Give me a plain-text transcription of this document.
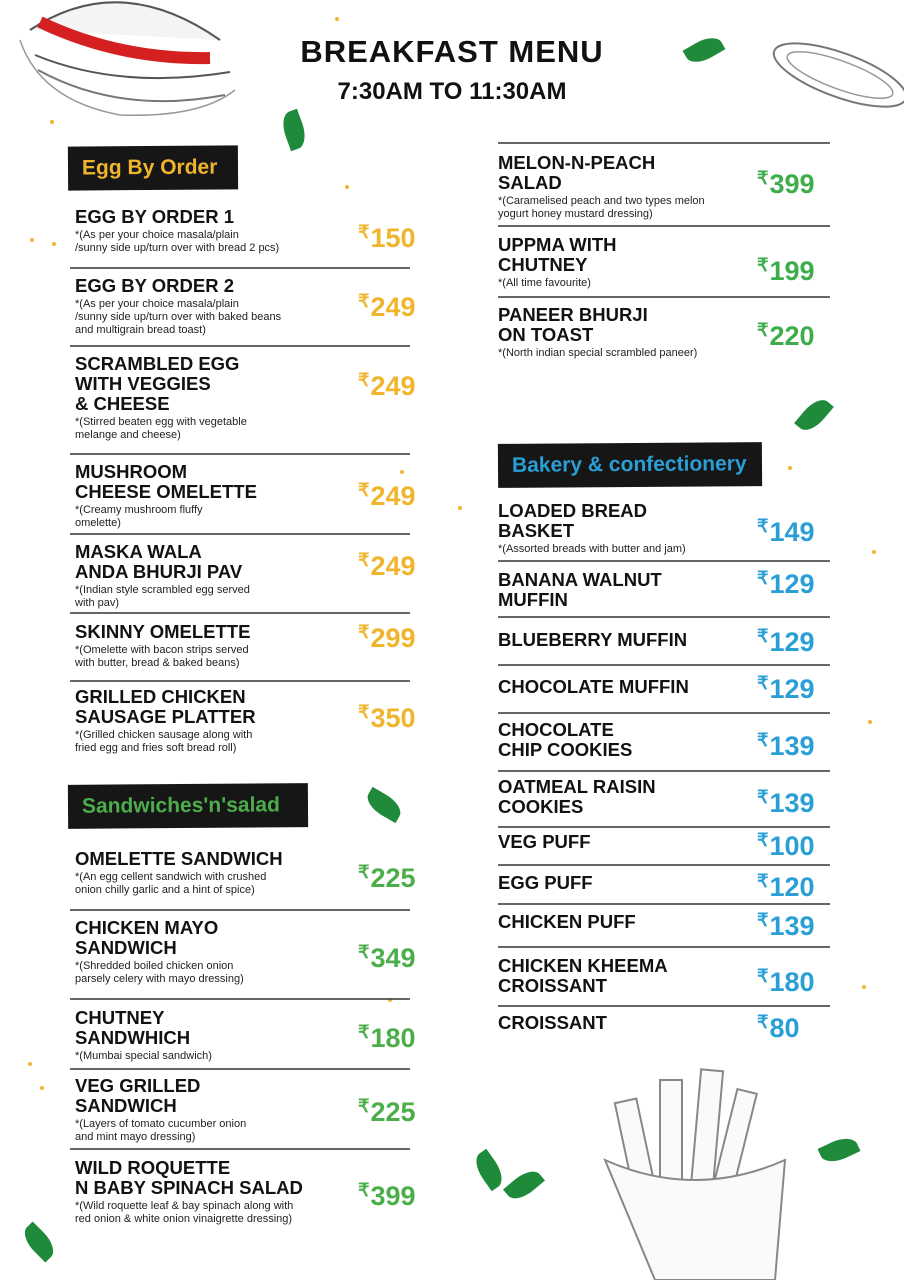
BREAKFAST MENU
7:30AM TO 11:30AM
Egg By Order
Sandwiches'n'salad
Bakery & confectionery
EGG BY ORDER 1
*(As per your choice masala/plain
/sunny side up/turn over with bread 2 pcs)
₹150
EGG BY ORDER 2
*(As per your choice masala/plain
/sunny side up/turn over with baked beans
and multigrain bread toast)
₹249
SCRAMBLED EGG
WITH VEGGIES
& CHEESE
*(Stirred beaten egg with vegetable
melange and cheese)
₹249
MUSHROOM
CHEESE OMELETTE
*(Creamy mushroom fluffy
omelette)
₹249
MASKA WALA
ANDA BHURJI PAV
*(Indian style scrambled egg served
with pav)
₹249
SKINNY OMELETTE
*(Omelette with bacon strips served
with butter, bread & baked beans)
₹299
GRILLED CHICKEN
SAUSAGE PLATTER
*(Grilled chicken sausage along with
fried egg and fries soft bread roll)
₹350
OMELETTE SANDWICH
*(An egg cellent sandwich with crushed
onion chilly garlic and a hint of spice)
₹225
CHICKEN MAYO
SANDWICH
*(Shredded boiled chicken onion
parsely celery with mayo dressing)
₹349
CHUTNEY
SANDWHICH
*(Mumbai special sandwich)
₹180
VEG GRILLED
SANDWICH
*(Layers of tomato cucumber onion
and mint mayo dressing)
₹225
WILD ROQUETTE
N BABY SPINACH SALAD
*(Wild roquette leaf & bay spinach along with
red onion & white onion vinaigrette dressing)
₹399
MELON-N-PEACH
SALAD
*(Caramelised peach and two types melon
yogurt honey mustard dressing)
₹399
UPPMA WITH
CHUTNEY
*(All time favourite)
₹199
PANEER BHURJI
ON TOAST
*(North indian special scrambled paneer)
₹220
LOADED BREAD
BASKET
*(Assorted breads with butter and jam)
₹149
BANANA WALNUT
MUFFIN
₹129
BLUEBERRY MUFFIN	₹129
CHOCOLATE MUFFIN	₹129
CHOCOLATE
CHIP COOKIES	₹139
OATMEAL RAISIN
COOKIES	₹139
VEG PUFF	₹100
EGG PUFF	₹120
CHICKEN PUFF	₹139
CHICKEN KHEEMA
CROISSANT	₹180
CROISSANT	₹80
